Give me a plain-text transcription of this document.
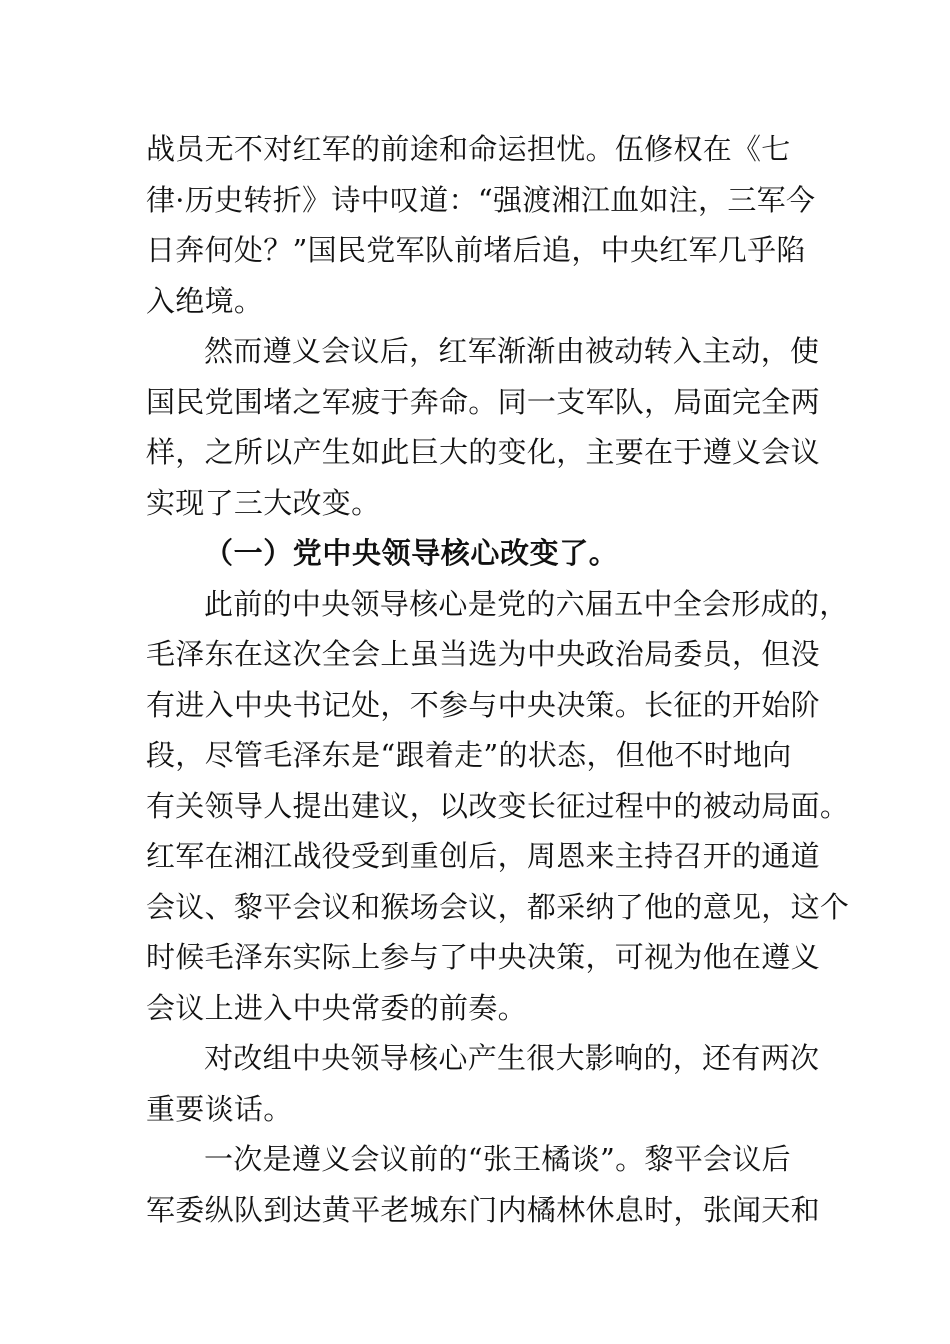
战员无不对红军的前途和命运担忧。伍修权在《七
律·历史转折》诗中叹道：“强渡湘江血如注，三军今
日奔何处？”国民党军队前堵后追，中央红军几乎陷
入绝境。
然而遵义会议后，红军渐渐由被动转入主动，使
国民党围堵之军疲于奔命。同一支军队，局面完全两
样，之所以产生如此巨大的变化，主要在于遵义会议
实现了三大改变。
（一）党中央领导核心改变了。
此前的中央领导核心是党的六届五中全会形成的，
毛泽东在这次全会上虽当选为中央政治局委员，但没
有进入中央书记处，不参与中央决策。长征的开始阶
段，尽管毛泽东是“跟着走”的状态，但他不时地向
有关领导人提出建议，以改变长征过程中的被动局面。
红军在湘江战役受到重创后，周恩来主持召开的通道
会议、黎平会议和猴场会议，都采纳了他的意见，这个
时候毛泽东实际上参与了中央决策，可视为他在遵义
会议上进入中央常委的前奏。
对改组中央领导核心产生很大影响的，还有两次
重要谈话。
一次是遵义会议前的“张王橘谈”。黎平会议后
军委纵队到达黄平老城东门内橘林休息时，张闻天和
